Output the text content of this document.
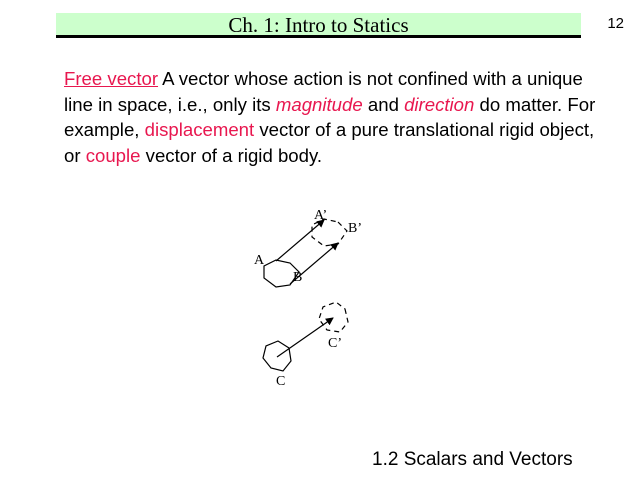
Ch. 1: Intro to Statics	12

Free vector A vector whose action is not confined with a unique line in space, i.e., only its magnitude and direction do matter. For example, displacement vector of a pure translational rigid object, or couple vector of a rigid body.

A
B
A’
B’
C
C’
1.2 Scalars and Vectors
